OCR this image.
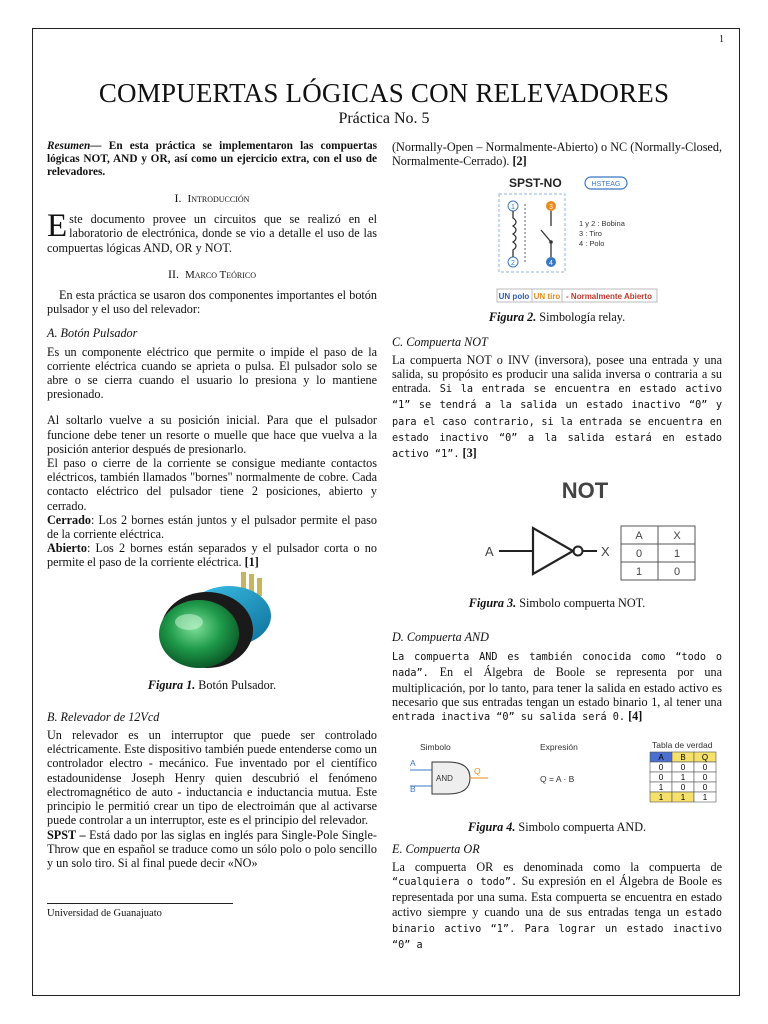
1
COMPUERTAS LÓGICAS CON RELEVADORES
Práctica No. 5

Resumen— En esta práctica se implementaron las compuertas lógicas NOT, AND y OR, así como un ejercicio extra, con el uso de relevadores.

I. Introducción

Este documento provee un circuitos que se realizó en el laboratorio de electrónica, donde se vio a detalle el uso de las compuertas lógicas AND, OR y NOT.

II. Marco Teórico

En esta práctica se usaron dos componentes importantes el botón pulsador y el uso del relevador:

A. Botón Pulsador

Es un componente eléctrico que permite o impide el paso de la corriente eléctrica cuando se aprieta o pulsa. El pulsador solo se abre o se cierra cuando el usuario lo presiona y lo mantiene presionado.

Al soltarlo vuelve a su posición inicial. Para que el pulsador funcione debe tener un resorte o muelle que hace que vuelva a la posición anterior después de presionarlo.

El paso o cierre de la corriente se consigue mediante contactos eléctricos, también llamados "bornes" normalmente de cobre. Cada contacto eléctrico del pulsador tiene 2 posiciones, abierto y cerrado.

Cerrado: Los 2 bornes están juntos y el pulsador permite el paso de la corriente eléctrica.

Abierto: Los 2 bornes están separados y el pulsador corta o no permite el paso de la corriente eléctrica. [1]

Figura 1. Botón Pulsador.
B. Relevador de 12Vcd

Un relevador es un interruptor que puede ser controlado eléctricamente. Este dispositivo también puede entenderse como un controlador electro - mecánico. Fue inventado por el científico estadounidense Joseph Henry quien descubrió el fenómeno electromagnético de auto - inductancia e inductancia mutua. Este principio le permitió crear un tipo de electroimán que al activarse puede controlar a un interruptor, este es el principio del relevador.

SPST – Está dado por las siglas en inglés para Single-Pole Single-Throw que en español se traduce como un sólo polo o polo sencillo y un solo tiro. Si al final puede decir «NO»

Universidad de Guanajuato

(Normally-Open – Normalmente-Abierto) o NC (Normally-Closed, Normalmente-Cerrado). [2]

SPST-NO	HSTEAG
1
2
3
4
1 y 2 : Bobina
3 : Tiro
4 : Polo
UN polo UN tiro - Normalmente Abierto
Figura 2. Simbología relay.
C. Compuerta NOT

La compuerta NOT o INV (inversora), posee una entrada y una salida, su propósito es producir una salida inversa o contraria a su entrada. Si la entrada se encuentra en estado activo “1” se tendrá a la salida un estado inactivo “0” y para el caso contrario, si la entrada se encuentra en estado inactivo “0” a la salida estará en estado activo “1”. [3]

NOT
A	X
A	X
0	1
1	0
Figura 3. Simbolo compuerta NOT.
D. Compuerta AND

La compuerta AND es también conocida como “todo o nada”. En el Álgebra de Boole se representa por una multiplicación, por lo tanto, para tener la salida en estado activo es necesario que sus entradas tengan un estado binario 1, al tener una entrada inactiva “0” su salida será 0. [4]

Simbolo	Expresión	Tabla de verdad
A
B
AND
Q
Q = A · B
A B Q
0 0 0
0 1 0
1 0 0
1 1 1
Figura 4. Simbolo compuerta AND.
E. Compuerta OR

La compuerta OR es denominada como la compuerta de “cualquiera o todo”. Su expresión en el Álgebra de Boole es representada por una suma. Esta compuerta se encuentra en estado activo siempre y cuando una de sus entradas tenga un estado binario activo “1”. Para lograr un estado inactivo “0” a
